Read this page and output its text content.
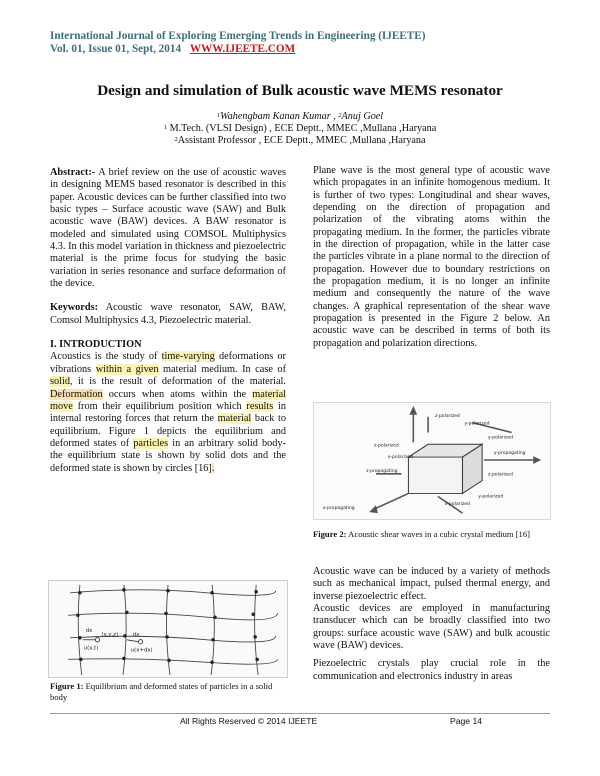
International Journal of Exploring Emerging Trends in Engineering (IJEETE)
Vol. 01, Issue 01, Sept, 2014 WWW.IJEETE.COM
Design and simulation of Bulk acoustic wave MEMS resonator
$^1$Wahengbam Kanan Kumar , $^2$Anuj Goel
$^1$ M.Tech. (VLSI Design) , ECE Deptt., MMEC ,Mullana ,Haryana
$^2$Assistant Professor , ECE Deptt., MMEC ,Mullana ,Haryana

Abstract:- A brief review on the use of acoustic waves in designing MEMS based resonator is described in this paper. Acoustic devices can be further classified into two basic types – Surface acoustic wave (SAW) and Bulk acoustic wave (BAW) devices. A BAW resonator is modeled and simulated using COMSOL Multiphysics 4.3. In this model variation in thickness and piezoelectric material is the prime focus for studying the basic variation in series resonance and surface deformation of the device.

Keywords: Acoustic wave resonator, SAW, BAW, Comsol Multiphysics 4.3, Piezoelectric material.

I. INTRODUCTION

Acoustics is the study of time-varying deformations or vibrations within a given material medium. In case of solid, it is the result of deformation of the material. Deformation occurs when atoms within the material move from their equilibrium position which results in internal restoring forces that return the material back to equilibrium. Figure 1 depicts the equilibrium and deformed states of particles in an arbitrary solid body- the equilibrium state is shown by solid dots and the deformed state is shown by circles [16].

dx
(x,y,z)	dx
u(x,t)	u(x+dx)
Figure 1: Equilibrium and deformed states of particles in a solid body

Plane wave is the most general type of acoustic wave which propagates in an infinite homogenous medium. It is further of two types: Longitudinal and shear waves, depending on the direction of propagation and polarization of the vibrating atoms within the propagating medium. In the former, the particles vibrate in the direction of propagation, while in the latter case the particles vibrate in a plane normal to the direction of propagation. However due to boundary restrictions on the propagation medium, it is no longer an infinite medium and consequently the nature of the wave changes. A graphical representation of the shear wave propagation is presented in the Figure 2 below. An acoustic wave can be described in terms of both its propagation and polarization directions.

z-polarized
y-polarized
y-polarized
z-polarized
x-polarized
y-propagating
z-propagating
x-polarized
z-polarized
x-propagating
y-polarized
Figure 2: Acoustic shear waves in a cubic crystal medium [16]

Acoustic wave can be induced by a variety of methods such as mechanical impact, pulsed thermal energy, and inverse piezoelectric effect.

Acoustic devices are employed in manufacturing transducer which can be broadly classified into two groups: surface acoustic wave (SAW) and bulk acoustic wave (BAW) devices.

Piezoelectric crystals play crucial role in the communication and electronics industry in areas

All Rights Reserved © 2014 IJEETE	Page 14
